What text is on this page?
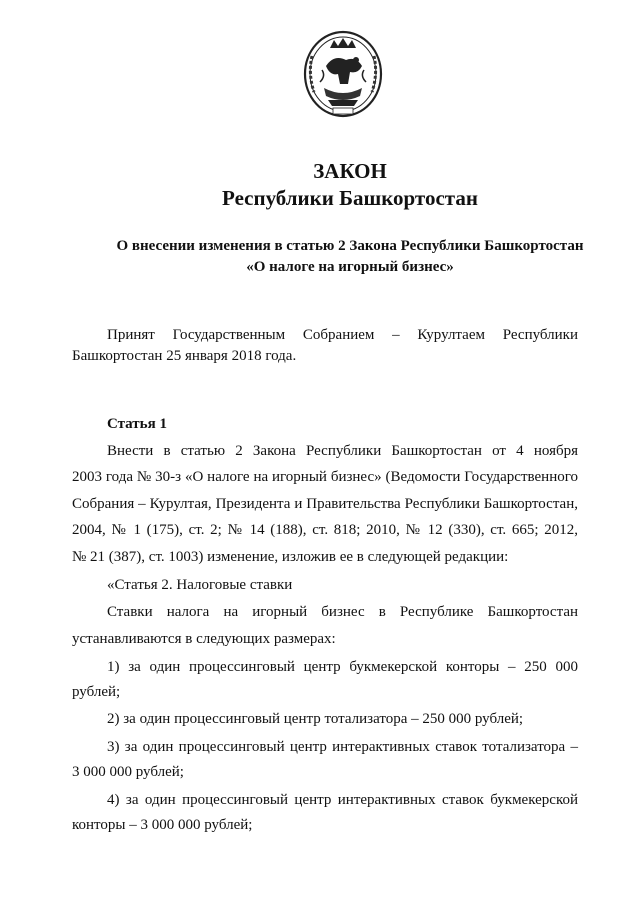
ЗАКОН
Республики Башкортостан
О внесении изменения в статью 2 Закона Республики Башкортостан
«О налоге на игорный бизнес»
Принят Государственным Собранием – Курултаем Республики
Башкортостан 25 января 2018 года.
Статья 1
Внести в статью 2 Закона Республики Башкортостан от 4 ноября
2003 года № 30-з «О налоге на игорный бизнес» (Ведомости Государственного
Собрания – Курултая, Президента и Правительства Республики Башкортостан,
2004, № 1 (175), ст. 2; № 14 (188), ст. 818; 2010, № 12 (330), ст. 665; 2012,
№ 21 (387), ст. 1003) изменение, изложив ее в следующей редакции:
«Статья 2. Налоговые ставки
Ставки налога на игорный бизнес в Республике Башкортостан
устанавливаются в следующих размерах:
1) за один процессинговый центр букмекерской конторы – 250 000
рублей;
2) за один процессинговый центр тотализатора – 250 000 рублей;
3) за один процессинговый центр интерактивных ставок тотализатора –
3 000 000 рублей;
4) за один процессинговый центр интерактивных ставок букмекерской
конторы – 3 000 000 рублей;
